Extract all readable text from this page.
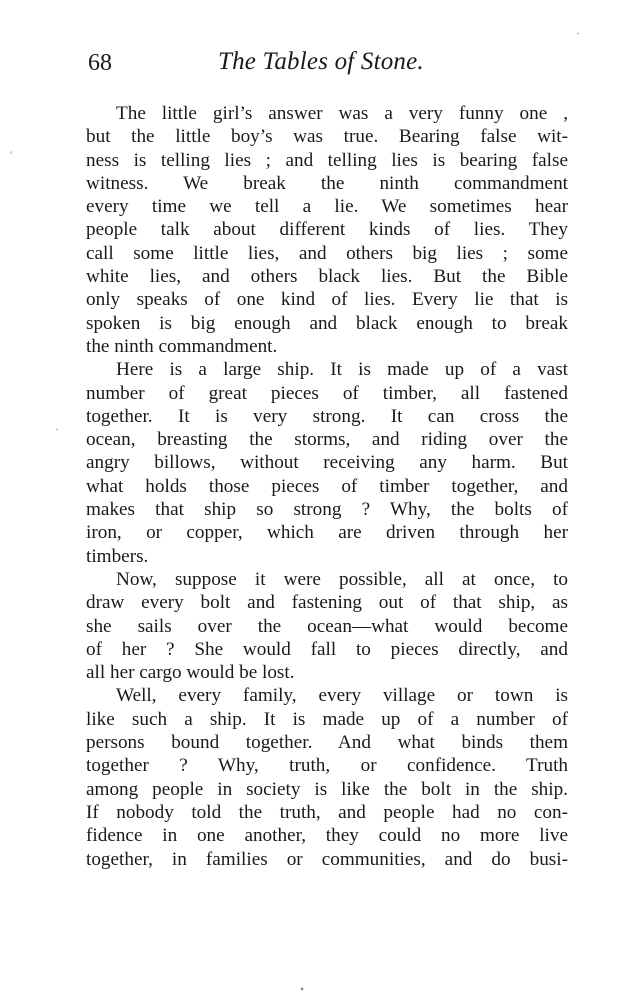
68	The Tables of Stone.
The little girl’s answer was a very funny one ,
but the little boy’s was true. Bearing false wit-
ness is telling lies ; and telling lies is bearing false
witness. We break the ninth commandment
every time we tell a lie. We sometimes hear
people talk about different kinds of lies. They
call some little lies, and others big lies ; some
white lies, and others black lies. But the Bible
only speaks of one kind of lies. Every lie that is
spoken is big enough and black enough to break
the ninth commandment.
Here is a large ship. It is made up of a vast
number of great pieces of timber, all fastened
together. It is very strong. It can cross the
ocean, breasting the storms, and riding over the
angry billows, without receiving any harm. But
what holds those pieces of timber together, and
makes that ship so strong ? Why, the bolts of
iron, or copper, which are driven through her
timbers.
Now, suppose it were possible, all at once, to
draw every bolt and fastening out of that ship, as
she sails over the ocean—what would become
of her ? She would fall to pieces directly, and
all her cargo would be lost.
Well, every family, every village or town is
like such a ship. It is made up of a number of
persons bound together. And what binds them
together ? Why, truth, or confidence. Truth
among people in society is like the bolt in the ship.
If nobody told the truth, and people had no con-
fidence in one another, they could no more live
together, in families or communities, and do busi-
`
'
·
•
